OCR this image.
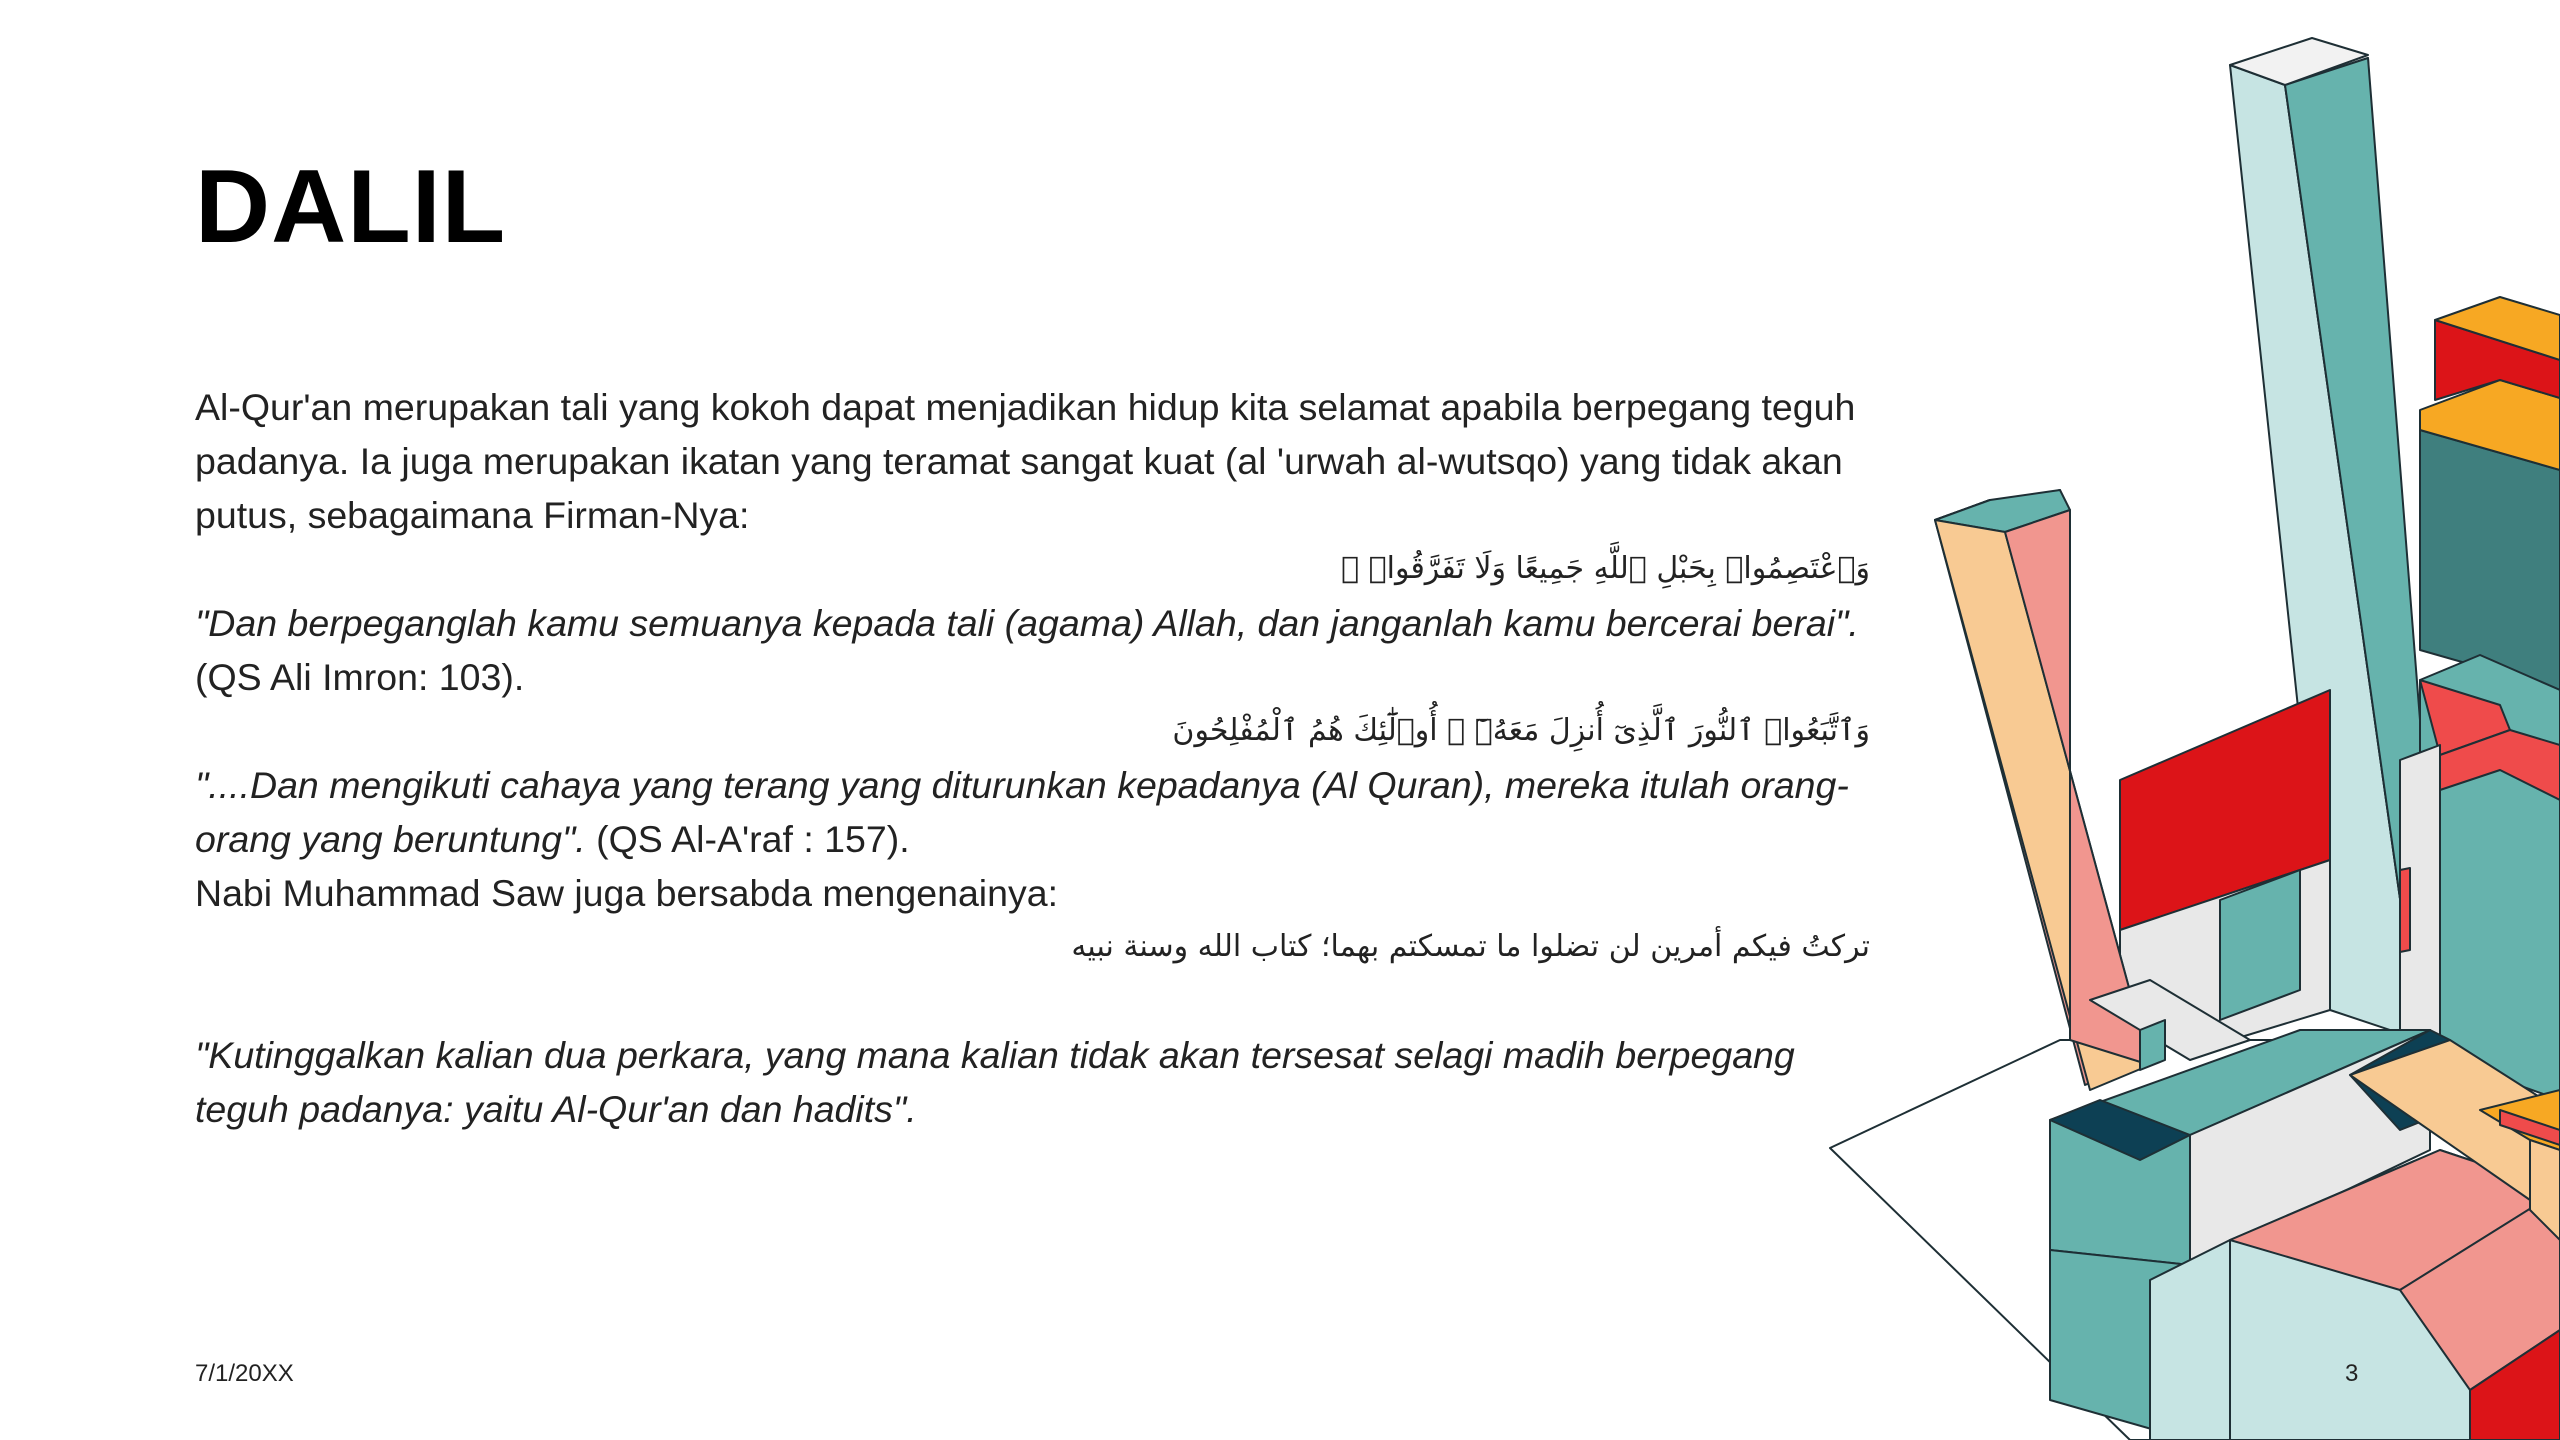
DALIL

Al-Qur'an merupakan tali yang kokoh dapat menjadikan hidup kita selamat apabila berpegang teguh padanya. Ia juga merupakan ikatan yang teramat sangat kuat (al 'urwah al-wutsqo) yang tidak akan putus, sebagaimana Firman-Nya:

وَٱعْتَصِمُوا۟ بِحَبْلِ ٱللَّهِ جَمِيعًا وَلَا تَفَرَّقُوا۟ ۚ

"Dan berpeganglah kamu semuanya kepada tali (agama) Allah, dan janganlah kamu bercerai berai". (QS Ali Imron: 103).

وَٱتَّبَعُوا۟ ٱلنُّورَ ٱلَّذِىٓ أُنزِلَ مَعَهُۥٓ ۙ أُو۟لَٰٓئِكَ هُمُ ٱلْمُفْلِحُونَ

"....Dan mengikuti cahaya yang terang yang diturunkan kepadanya (Al Quran), mereka itulah orang-orang yang beruntung". (QS Al-A'raf : 157).

Nabi Muhammad Saw juga bersabda mengenainya:

تركتُ فيكم أمرين لن تضلوا ما تمسكتم بهما؛ كتاب الله وسنة نبيه

"Kutinggalkan kalian dua perkara, yang mana kalian tidak akan tersesat selagi madih berpegang teguh padanya: yaitu Al-Qur'an dan hadits".

7/1/20XX	3
